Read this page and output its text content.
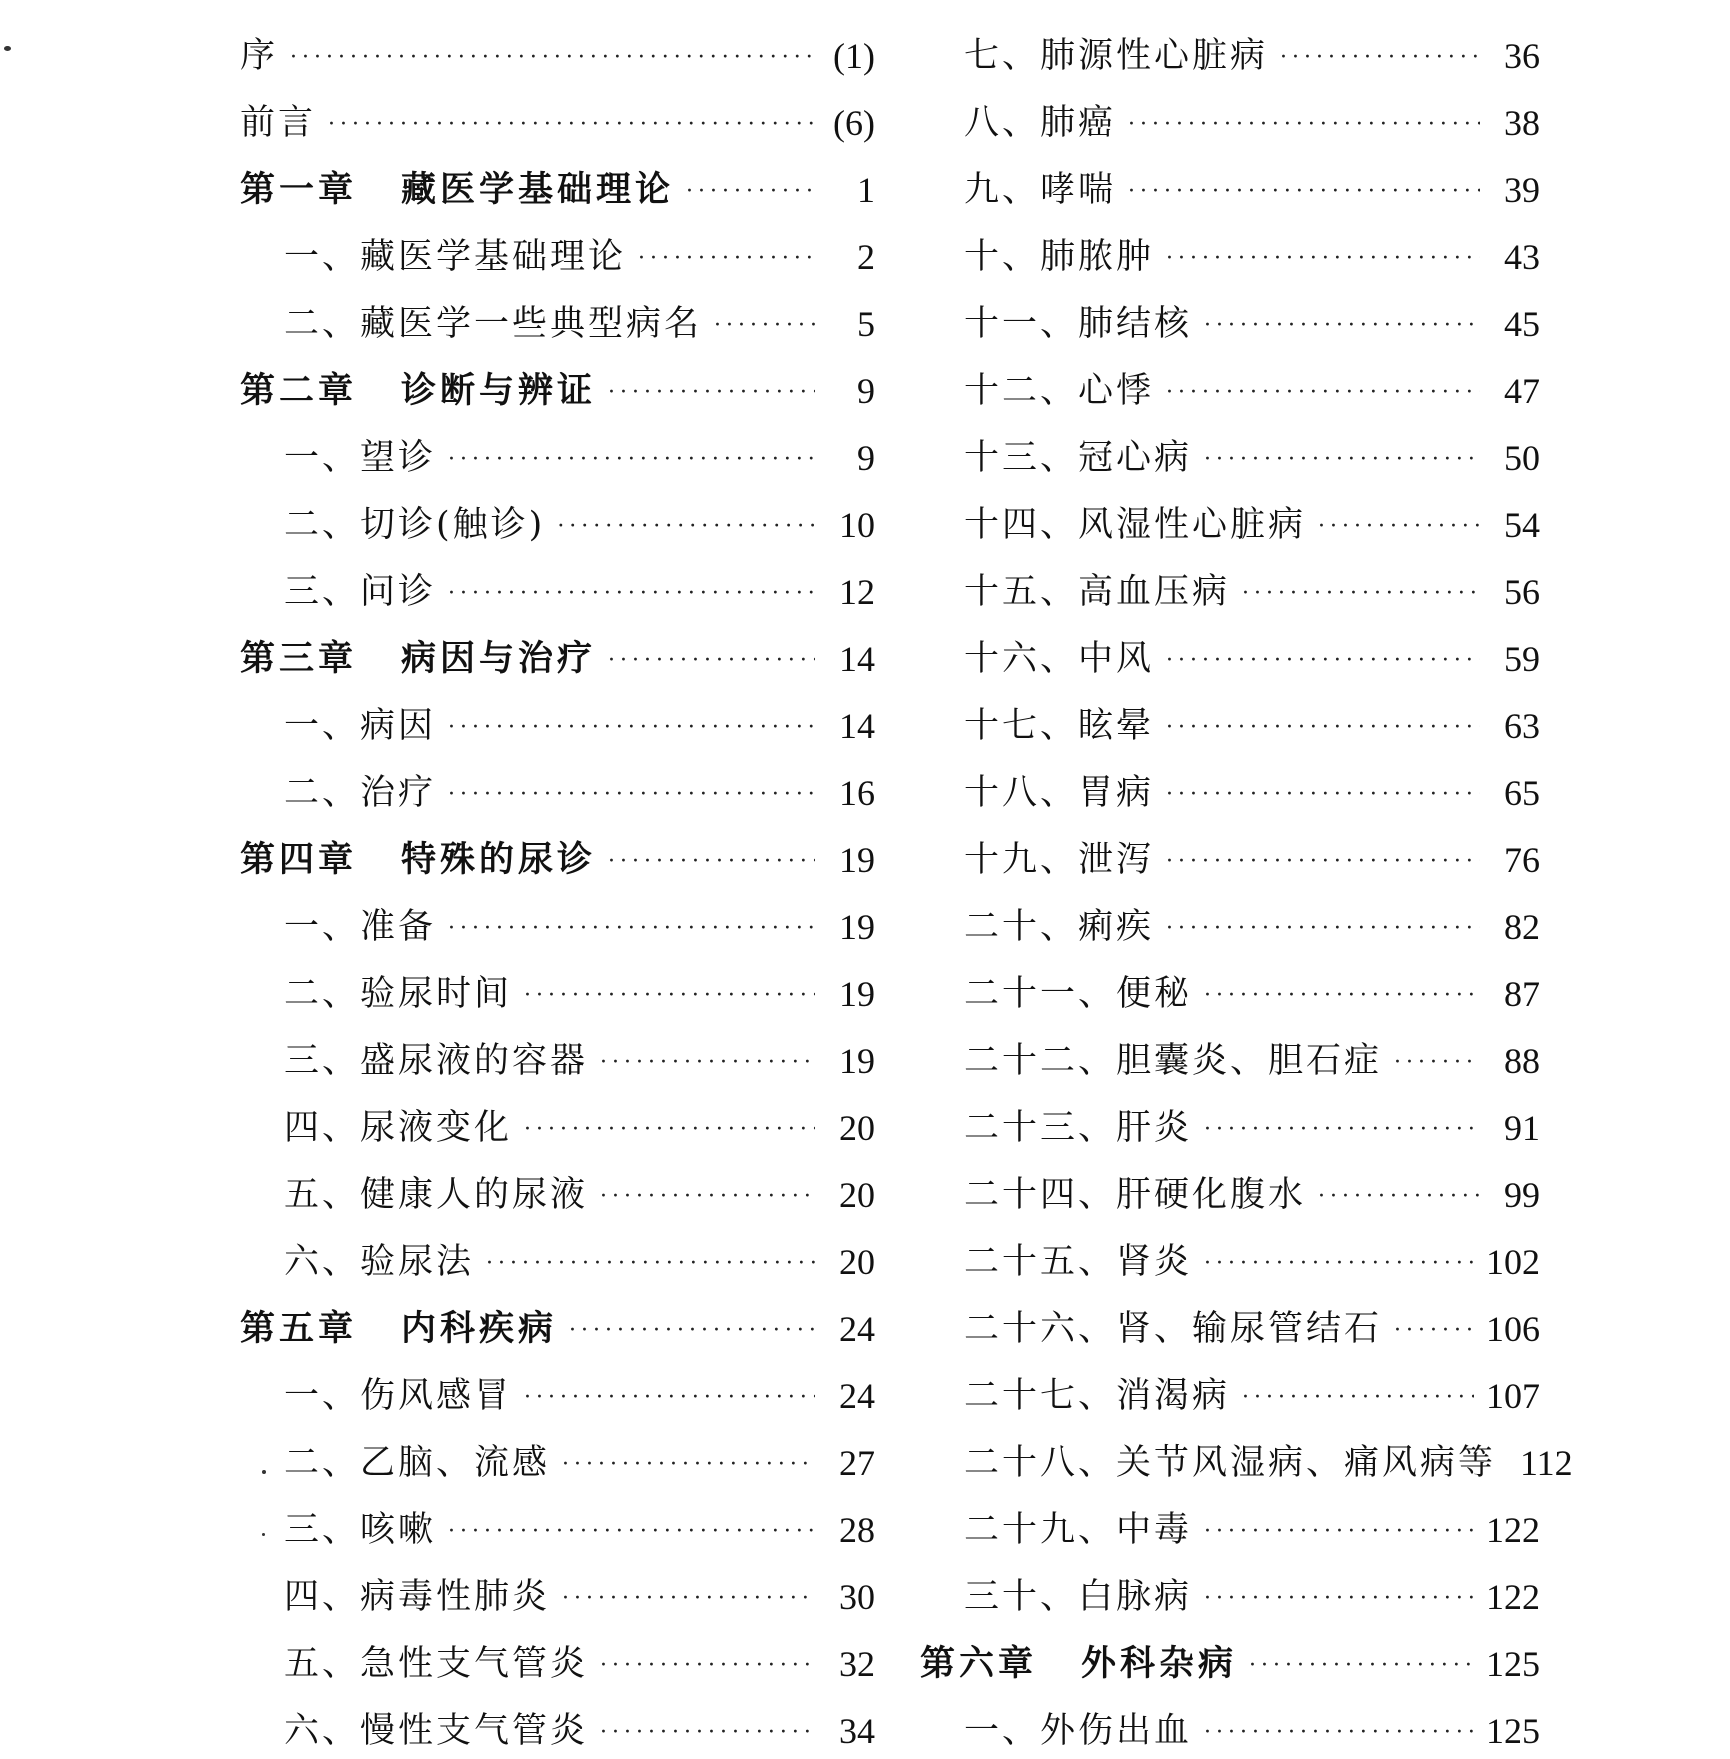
序 ·····	(1)
前言 ·····	(6)
第一章 藏医学基础理论 ·····	1
一、藏医学基础理论 ·····	2
二、藏医学一些典型病名 ·····	5
第二章 诊断与辨证 ·····	9
一、望诊 ·····	9
二、切诊(触诊) ·····	10
三、问诊 ·····	12
第三章 病因与治疗 ·····	14
一、病因 ·····	14
二、治疗 ·····	16
第四章 特殊的尿诊 ·····	19
一、准备 ·····	19
二、验尿时间 ·····	19
三、盛尿液的容器 ·····	19
四、尿液变化 ·····	20
五、健康人的尿液 ·····	20
六、验尿法 ·····	20
第五章 内科疾病 ·····	24
一、伤风感冒 ·····	24
二、乙脑、流感 ·····	27
三、咳嗽 ·····	28
四、病毒性肺炎 ·····	30
五、急性支气管炎 ·····	32
六、慢性支气管炎 ·····	34
七、肺源性心脏病 ·····	36
八、肺癌 ·····	38
九、哮喘 ·····	39
十、肺脓肿 ·····	43
十一、肺结核 ·····	45
十二、心悸 ·····	47
十三、冠心病 ·····	50
十四、风湿性心脏病 ·····	54
十五、高血压病 ·····	56
十六、中风 ·····	59
十七、眩晕 ·····	63
十八、胃病 ·····	65
十九、泄泻 ·····	76
二十、痢疾 ·····	82
二十一、便秘 ·····	87
二十二、胆囊炎、胆石症 ·····	88
二十三、肝炎 ·····	91
二十四、肝硬化腹水 ·····	99
二十五、肾炎 ·····	102
二十六、肾、输尿管结石 ·····	106
二十七、消渴病 ·····	107
二十八、关节风湿病、痛风病等 112
二十九、中毒 ·····	122
三十、白脉病 ·····	122
第六章 外科杂病 ·····	125
一、外伤出血 ·····	125
